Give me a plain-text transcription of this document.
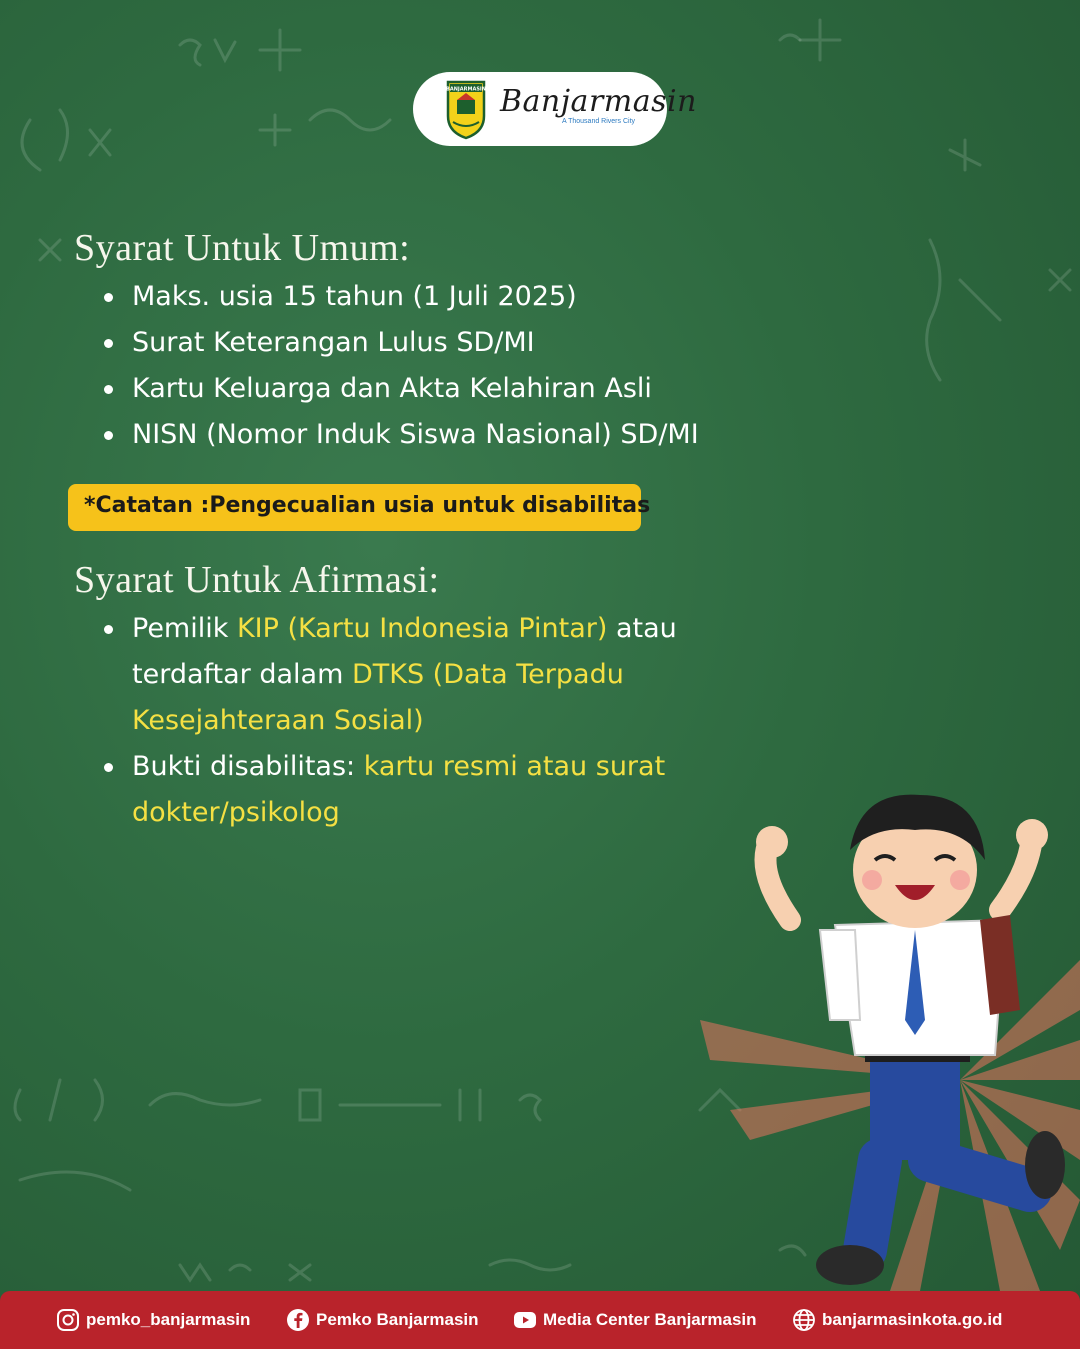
BANJARMASIN Banjarmasin
A Thousand Rivers City
Syarat Untuk Umum:
Maks. usia 15 tahun (1 Juli 2025)
Surat Keterangan Lulus SD/MI
Kartu Keluarga dan Akta Kelahiran Asli
NISN (Nomor Induk Siswa Nasional) SD/MI
*Catatan :Pengecualian usia untuk disabilitas
Syarat Untuk Afirmasi:
Pemilik KIP (Kartu Indonesia Pintar) atau
terdaftar dalam DTKS (Data Terpadu
Kesejahteraan Sosial)
Bukti disabilitas: kartu resmi atau surat
dokter/psikolog
pemko_banjarmasin	Pemko Banjarmasin	Media Center Banjarmasin	banjarmasinkota.go.id
